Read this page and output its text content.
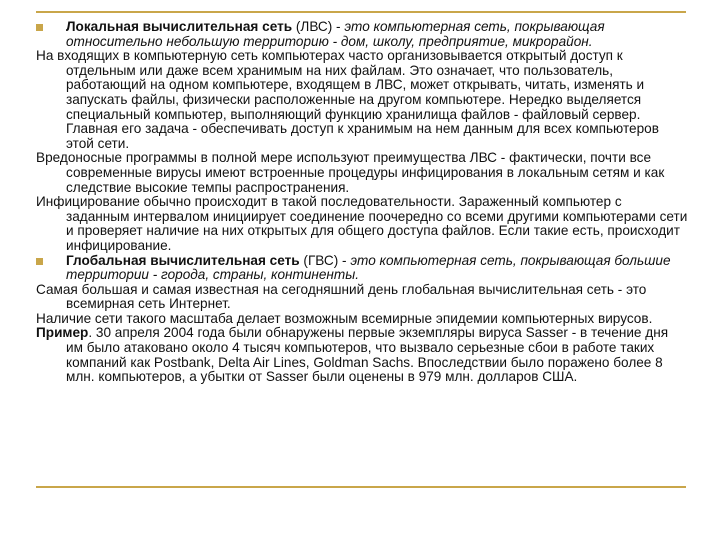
Локальная вычислительная сеть (ЛВС) - это компьютерная сеть, покрывающая относительно небольшую территорию - дом, школу, предприятие, микрорайон.

На входящих в компьютерную сеть компьютерах часто организовывается открытый доступ к отдельным или даже всем хранимым на них файлам. Это означает, что пользователь, работающий на одном компьютере, входящем в ЛВС, может открывать, читать, изменять и запускать файлы, физически расположенные на другом компьютере. Нередко выделяется специальный компьютер, выполняющий функцию хранилища файлов - файловый сервер. Главная его задача - обеспечивать доступ к хранимым на нем данным для всех компьютеров этой сети.

Вредоносные программы в полной мере используют преимущества ЛВС - фактически, почти все современные вирусы имеют встроенные процедуры инфицирования в локальным сетям и как следствие высокие темпы распространения.

Инфицирование обычно происходит в такой последовательности. Зараженный компьютер с заданным интервалом инициирует соединение поочередно со всеми другими компьютерами сети и проверяет наличие на них открытых для общего доступа файлов. Если такие есть, происходит инфицирование.

Глобальная вычислительная сеть (ГВС) - это компьютерная сеть, покрывающая большие территории - города, страны, континенты.

Самая большая и самая известная на сегодняшний день глобальная вычислительная сеть - это всемирная сеть Интернет.

Наличие сети такого масштаба делает возможным всемирные эпидемии компьютерных вирусов.

Пример. 30 апреля 2004 года были обнаружены первые экземпляры вируса Sasser - в течение дня им было атаковано около 4 тысяч компьютеров, что вызвало серьезные сбои в работе таких компаний как Postbank, Delta Air Lines, Goldman Sachs. Впоследствии было поражено более 8 млн. компьютеров, а убытки от Sasser были оценены в 979 млн. долларов США.
